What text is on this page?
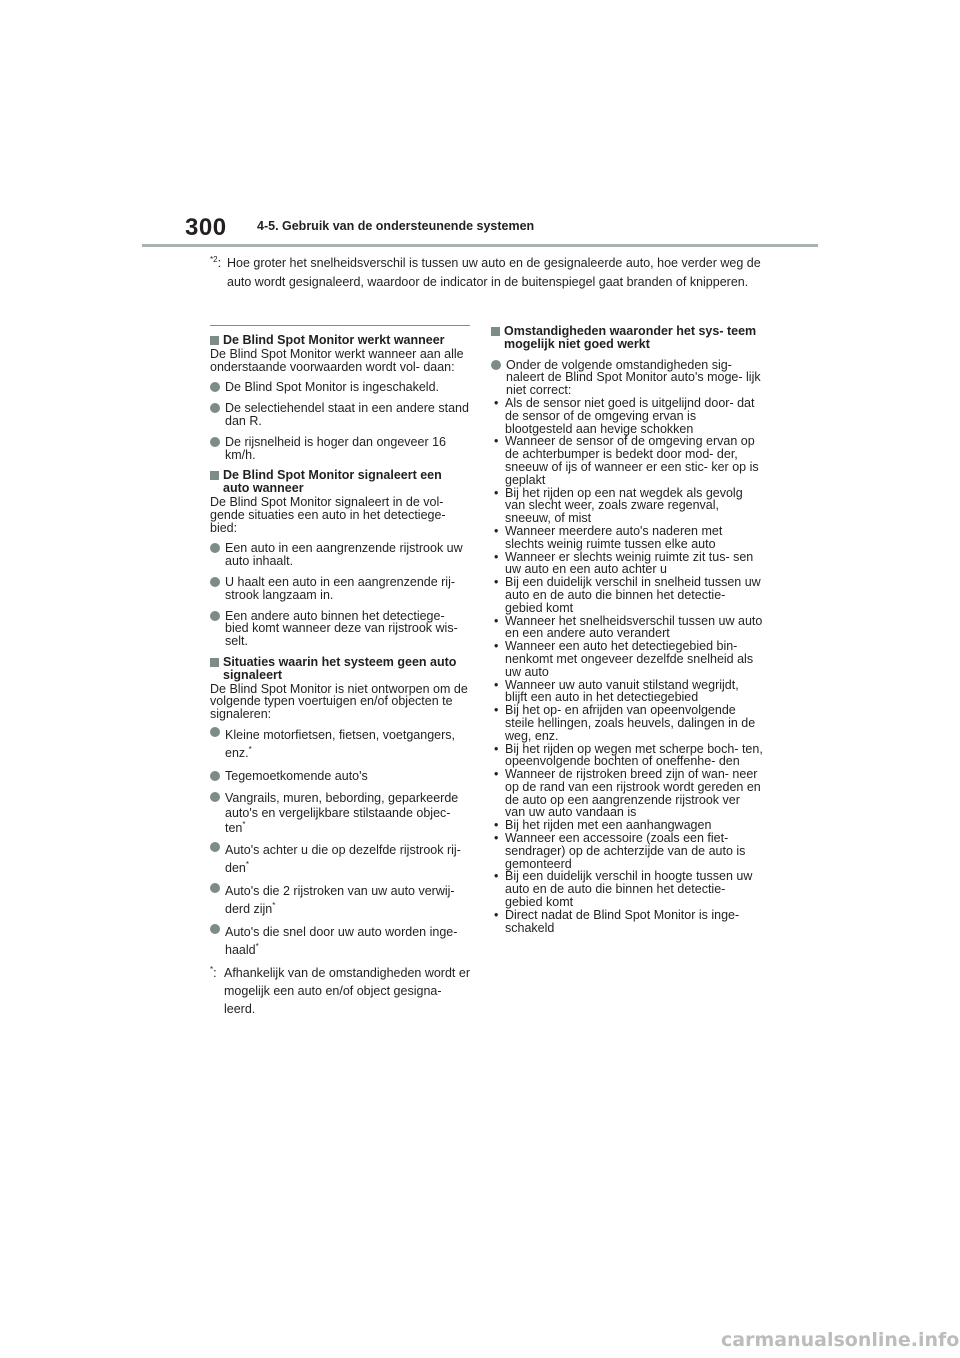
300 4-5. Gebruik van de ondersteunende systemen
$^{*2}$: Hoe groter het snelheidsverschil is tussen uw auto en de gesignaleerde auto, hoe verder weg de auto wordt gesignaleerd, waardoor de indicator in de buitenspiegel gaat branden of knipperen.
De Blind Spot Monitor werkt wanneer
De Blind Spot Monitor werkt wanneer aan alle onderstaande voorwaarden wordt vol- daan:
De Blind Spot Monitor is ingeschakeld.
De selectiehendel staat in een andere stand dan R.
De rijsnelheid is hoger dan ongeveer 16 km/h.
De Blind Spot Monitor signaleert een auto wanneer
De Blind Spot Monitor signaleert in de vol- gende situaties een auto in het detectiege- bied:
Een auto in een aangrenzende rijstrook uw auto inhaalt.
U haalt een auto in een aangrenzende rij- strook langzaam in.
Een andere auto binnen het detectiege- bied komt wanneer deze van rijstrook wis- selt.
Situaties waarin het systeem geen auto signaleert
De Blind Spot Monitor is niet ontworpen om de volgende typen voertuigen en/of objecten te signaleren:
Kleine motorfietsen, fietsen, voetgangers, enz.*
Tegemoetkomende auto's
Vangrails, muren, bebording, geparkeerde auto's en vergelijkbare stilstaande objec- ten*
Auto's achter u die op dezelfde rijstrook rij- den*
Auto's die 2 rijstroken van uw auto verwij- derd zijn*
Auto's die snel door uw auto worden inge- haald*
*: Afhankelijk van de omstandigheden wordt er mogelijk een auto en/of object gesigna- leerd.
Omstandigheden waaronder het sys- teem mogelijk niet goed werkt
Onder de volgende omstandigheden sig- naleert de Blind Spot Monitor auto's moge- lijk niet correct:
• Als de sensor niet goed is uitgelijnd door- dat de sensor of de omgeving ervan is blootgesteld aan hevige schokken
• Wanneer de sensor of de omgeving ervan op de achterbumper is bedekt door mod- der, sneeuw of ijs of wanneer er een stic- ker op is geplakt
• Bij het rijden op een nat wegdek als gevolg van slecht weer, zoals zware regenval, sneeuw, of mist
• Wanneer meerdere auto's naderen met slechts weinig ruimte tussen elke auto
• Wanneer er slechts weinig ruimte zit tus- sen uw auto en een auto achter u
• Bij een duidelijk verschil in snelheid tussen uw auto en de auto die binnen het detectie- gebied komt
• Wanneer het snelheidsverschil tussen uw auto en een andere auto verandert
• Wanneer een auto het detectiegebied bin- nenkomt met ongeveer dezelfde snelheid als uw auto
• Wanneer uw auto vanuit stilstand wegrijdt, blijft een auto in het detectiegebied
• Bij het op- en afrijden van opeenvolgende steile hellingen, zoals heuvels, dalingen in de weg, enz.
• Bij het rijden op wegen met scherpe boch- ten, opeenvolgende bochten of oneffenhe- den
• Wanneer de rijstroken breed zijn of wan- neer op de rand van een rijstrook wordt gereden en de auto op een aangrenzende rijstrook ver van uw auto vandaan is
• Bij het rijden met een aanhangwagen
• Wanneer een accessoire (zoals een fiet- sendrager) op de achterzijde van de auto is gemonteerd
• Bij een duidelijk verschil in hoogte tussen uw auto en de auto die binnen het detectie- gebied komt
• Direct nadat de Blind Spot Monitor is inge- schakeld
carmanualsonline.info
